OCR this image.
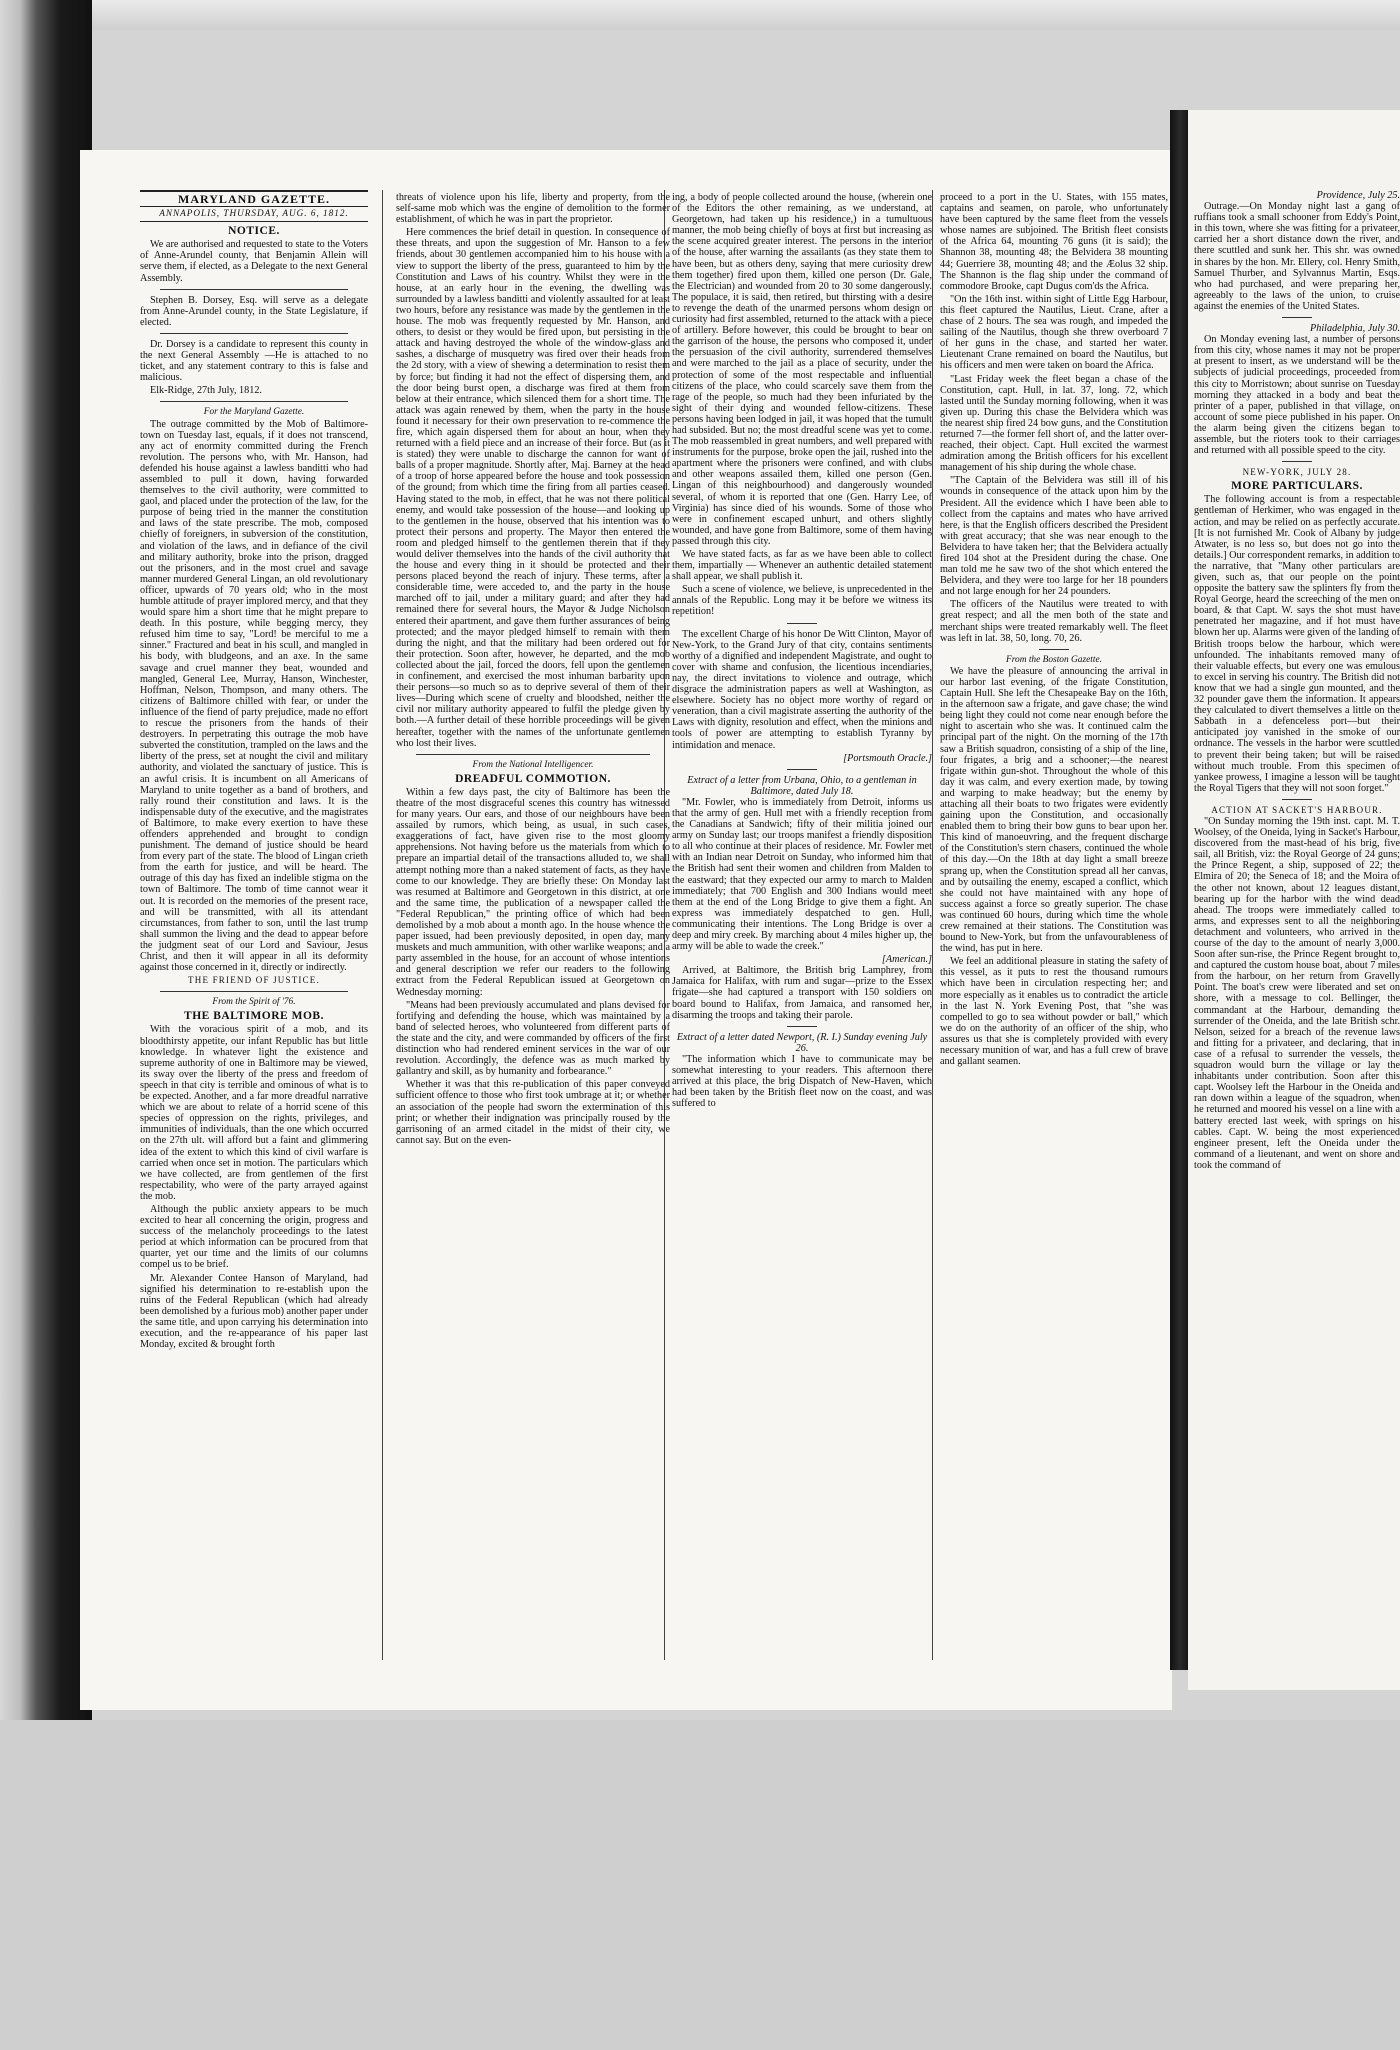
MARYLAND GAZETTE.
ANNAPOLIS, THURSDAY, AUG. 6, 1812.
NOTICE.

We are authorised and requested to state to the Voters of Anne-Arundel county, that Benjamin Allein will serve them, if elected, as a Delegate to the next General Assembly.

Stephen B. Dorsey, Esq. will serve as a delegate from Anne-Arundel county, in the State Legislature, if elected.

Dr. Dorsey is a candidate to represent this county in the next General Assembly —He is attached to no ticket, and any statement contrary to this is false and malicious.

Elk-Ridge, 27th July, 1812.

For the Maryland Gazette.

The outrage committed by the Mob of Baltimore-town on Tuesday last, equals, if it does not transcend, any act of enormity committed during the French revolution. The persons who, with Mr. Hanson, had defended his house against a lawless banditti who had assembled to pull it down, having forwarded themselves to the civil authority, were committed to gaol, and placed under the protection of the law, for the purpose of being tried in the manner the constitution and laws of the state prescribe. The mob, composed chiefly of foreigners, in subversion of the constitution, and violation of the laws, and in defiance of the civil and military authority, broke into the prison, dragged out the prisoners, and in the most cruel and savage manner murdered General Lingan, an old revolutionary officer, upwards of 70 years old; who in the most humble attitude of prayer implored mercy, and that they would spare him a short time that he might prepare to death. In this posture, while begging mercy, they refused him time to say, "Lord! be merciful to me a sinner." Fractured and beat in his scull, and mangled in his body, with bludgeons, and an axe. In the same savage and cruel manner they beat, wounded and mangled, General Lee, Murray, Hanson, Winchester, Hoffman, Nelson, Thompson, and many others. The citizens of Baltimore chilled with fear, or under the influence of the fiend of party prejudice, made no effort to rescue the prisoners from the hands of their destroyers. In perpetrating this outrage the mob have subverted the constitution, trampled on the laws and the liberty of the press, set at nought the civil and military authority, and violated the sanctuary of justice. This is an awful crisis. It is incumbent on all Americans of Maryland to unite together as a band of brothers, and rally round their constitution and laws. It is the indispensable duty of the executive, and the magistrates of Baltimore, to make every exertion to have these offenders apprehended and brought to condign punishment. The demand of justice should be heard from every part of the state. The blood of Lingan crieth from the earth for justice, and will be heard. The outrage of this day has fixed an indelible stigma on the town of Baltimore. The tomb of time cannot wear it out. It is recorded on the memories of the present race, and will be transmitted, with all its attendant circumstances, from father to son, until the last trump shall summon the living and the dead to appear before the judgment seat of our Lord and Saviour, Jesus Christ, and then it will appear in all its deformity against those concerned in it, directly or indirectly.

THE FRIEND OF JUSTICE.
From the Spirit of '76.
THE BALTIMORE MOB.

With the voracious spirit of a mob, and its bloodthirsty appetite, our infant Republic has but little knowledge. In whatever light the existence and supreme authority of one in Baltimore may be viewed, its sway over the liberty of the press and freedom of speech in that city is terrible and ominous of what is to be expected. Another, and a far more dreadful narrative which we are about to relate of a horrid scene of this species of oppression on the rights, privileges, and immunities of individuals, than the one which occurred on the 27th ult. will afford but a faint and glimmering idea of the extent to which this kind of civil warfare is carried when once set in motion. The particulars which we have collected, are from gentlemen of the first respectability, who were of the party arrayed against the mob.

Although the public anxiety appears to be much excited to hear all concerning the origin, progress and success of the melancholy proceedings to the latest period at which information can be procured from that quarter, yet our time and the limits of our columns compel us to be brief.

Mr. Alexander Contee Hanson of Maryland, had signified his determination to re-establish upon the ruins of the Federal Republican (which had already been demolished by a furious mob) another paper under the same title, and upon carrying his determination into execution, and the re-appearance of his paper last Monday, excited & brought forth

threats of violence upon his life, liberty and property, from the self-same mob which was the engine of demolition to the former establishment, of which he was in part the proprietor.

Here commences the brief detail in question. In consequence of these threats, and upon the suggestion of Mr. Hanson to a few friends, about 30 gentlemen accompanied him to his house with a view to support the liberty of the press, guaranteed to him by the Constitution and Laws of his country. Whilst they were in the house, at an early hour in the evening, the dwelling was surrounded by a lawless banditti and violently assaulted for at least two hours, before any resistance was made by the gentlemen in the house. The mob was frequently requested by Mr. Hanson, and others, to desist or they would be fired upon, but persisting in the attack and having destroyed the whole of the window-glass and sashes, a discharge of musquetry was fired over their heads from the 2d story, with a view of shewing a determination to resist them by force; but finding it had not the effect of dispersing them, and the door being burst open, a discharge was fired at them from below at their entrance, which silenced them for a short time. The attack was again renewed by them, when the party in the house found it necessary for their own preservation to re-commence the fire, which again dispersed them for about an hour, when they returned with a field piece and an increase of their force. But (as it is stated) they were unable to discharge the cannon for want of balls of a proper magnitude. Shortly after, Maj. Barney at the head of a troop of horse appeared before the house and took possession of the ground; from which time the firing from all parties ceased. Having stated to the mob, in effect, that he was not there political enemy, and would take possession of the house—and looking up to the gentlemen in the house, observed that his intention was to protect their persons and property. The Mayor then entered the room and pledged himself to the gentlemen therein that if they would deliver themselves into the hands of the civil authority that the house and every thing in it should be protected and their persons placed beyond the reach of injury. These terms, after a considerable time, were acceded to, and the party in the house marched off to jail, under a military guard; and after they had remained there for several hours, the Mayor & Judge Nicholson entered their apartment, and gave them further assurances of being protected; and the mayor pledged himself to remain with them during the night, and that the military had been ordered out for their protection. Soon after, however, he departed, and the mob collected about the jail, forced the doors, fell upon the gentlemen in confinement, and exercised the most inhuman barbarity upon their persons—so much so as to deprive several of them of their lives—During which scene of cruelty and bloodshed, neither the civil nor military authority appeared to fulfil the pledge given by both.—A further detail of these horrible proceedings will be given hereafter, together with the names of the unfortunate gentlemen who lost their lives.

From the National Intelligencer.
DREADFUL COMMOTION.

Within a few days past, the city of Baltimore has been the theatre of the most disgraceful scenes this country has witnessed for many years. Our ears, and those of our neighbours have been assailed by rumors, which being, as usual, in such cases, exaggerations of fact, have given rise to the most gloomy apprehensions. Not having before us the materials from which to prepare an impartial detail of the transactions alluded to, we shall attempt nothing more than a naked statement of facts, as they have come to our knowledge. They are briefly these: On Monday last was resumed at Baltimore and Georgetown in this district, at one and the same time, the publication of a newspaper called the "Federal Republican," the printing office of which had been demolished by a mob about a month ago. In the house whence the paper issued, had been previously deposited, in open day, many muskets and much ammunition, with other warlike weapons; and a party assembled in the house, for an account of whose intentions and general description we refer our readers to the following extract from the Federal Republican issued at Georgetown on Wednesday morning:

"Means had been previously accumulated and plans devised for fortifying and defending the house, which was maintained by a band of selected heroes, who volunteered from different parts of the state and the city, and were commanded by officers of the first distinction who had rendered eminent services in the war of our revolution. Accordingly, the defence was as much marked by gallantry and skill, as by humanity and forbearance."

Whether it was that this re-publication of this paper conveyed sufficient offence to those who first took umbrage at it; or whether an association of the people had sworn the extermination of this print; or whether their indignation was principally roused by the garrisoning of an armed citadel in the midst of their city, we cannot say. But on the even-

ing, a body of people collected around the house, (wherein one of the Editors the other remaining, as we understand, at Georgetown, had taken up his residence,) in a tumultuous manner, the mob being chiefly of boys at first but increasing as the scene acquired greater interest. The persons in the interior of the house, after warning the assailants (as they state them to have been, but as others deny, saying that mere curiosity drew them together) fired upon them, killed one person (Dr. Gale, the Electrician) and wounded from 20 to 30 some dangerously. The populace, it is said, then retired, but thirsting with a desire to revenge the death of the unarmed persons whom design or curiosity had first assembled, returned to the attack with a piece of artillery. Before however, this could be brought to bear on the garrison of the house, the persons who composed it, under the persuasion of the civil authority, surrendered themselves and were marched to the jail as a place of security, under the protection of some of the most respectable and influential citizens of the place, who could scarcely save them from the rage of the people, so much had they been infuriated by the sight of their dying and wounded fellow-citizens. These persons having been lodged in jail, it was hoped that the tumult had subsided. But no; the most dreadful scene was yet to come. The mob reassembled in great numbers, and well prepared with instruments for the purpose, broke open the jail, rushed into the apartment where the prisoners were confined, and with clubs and other weapons assailed them, killed one person (Gen. Lingan of this neighbourhood) and dangerously wounded several, of whom it is reported that one (Gen. Harry Lee, of Virginia) has since died of his wounds. Some of those who were in confinement escaped unhurt, and others slightly wounded, and have gone from Baltimore, some of them having passed through this city.

We have stated facts, as far as we have been able to collect them, impartially — Whenever an authentic detailed statement shall appear, we shall publish it.

Such a scene of violence, we believe, is unprecedented in the annals of the Republic. Long may it be before we witness its repetition!

The excellent Charge of his honor De Witt Clinton, Mayor of New-York, to the Grand Jury of that city, contains sentiments worthy of a dignified and independent Magistrate, and ought to cover with shame and confusion, the licentious incendiaries, nay, the direct invitations to violence and outrage, which disgrace the administration papers as well at Washington, as elsewhere. Society has no object more worthy of regard or veneration, than a civil magistrate asserting the authority of the Laws with dignity, resolution and effect, when the minions and tools of power are attempting to establish Tyranny by intimidation and menace.

[Portsmouth Oracle.]
Extract of a letter from Urbana, Ohio, to a gentleman in Baltimore, dated July 18.

"Mr. Fowler, who is immediately from Detroit, informs us that the army of gen. Hull met with a friendly reception from the Canadians at Sandwich; fifty of their militia joined our army on Sunday last; our troops manifest a friendly disposition to all who continue at their places of residence. Mr. Fowler met with an Indian near Detroit on Sunday, who informed him that the British had sent their women and children from Malden to the eastward; that they expected our army to march to Malden immediately; that 700 English and 300 Indians would meet them at the end of the Long Bridge to give them a fight. An express was immediately despatched to gen. Hull, communicating their intentions. The Long Bridge is over a deep and miry creek. By marching about 4 miles higher up, the army will be able to wade the creek."

[American.]

Arrived, at Baltimore, the British brig Lamphrey, from Jamaica for Halifax, with rum and sugar—prize to the Essex frigate—she had captured a transport with 150 soldiers on board bound to Halifax, from Jamaica, and ransomed her, disarming the troops and taking their parole.

Extract of a letter dated Newport, (R. I.) Sunday evening July 26.

"The information which I have to communicate may be somewhat interesting to your readers. This afternoon there arrived at this place, the brig Dispatch of New-Haven, which had been taken by the British fleet now on the coast, and was suffered to

proceed to a port in the U. States, with 155 mates, captains and seamen, on parole, who unfortunately have been captured by the same fleet from the vessels whose names are subjoined. The British fleet consists of the Africa 64, mounting 76 guns (it is said); the Shannon 38, mounting 48; the Belvidera 38 mounting 44; Guerriere 38, mounting 48; and the Æolus 32 ship. The Shannon is the flag ship under the command of commodore Brooke, capt Dugus com'ds the Africa.

"On the 16th inst. within sight of Little Egg Harbour, this fleet captured the Nautilus, Lieut. Crane, after a chase of 2 hours. The sea was rough, and impeded the sailing of the Nautilus, though she threw overboard 7 of her guns in the chase, and started her water. Lieutenant Crane remained on board the Nautilus, but his officers and men were taken on board the Africa.

"Last Friday week the fleet began a chase of the Constitution, capt. Hull, in lat. 37, long. 72, which lasted until the Sunday morning following, when it was given up. During this chase the Belvidera which was the nearest ship fired 24 bow guns, and the Constitution returned 7—the former fell short of, and the latter over-reached, their object. Capt. Hull excited the warmest admiration among the British officers for his excellent management of his ship during the whole chase.

"The Captain of the Belvidera was still ill of his wounds in consequence of the attack upon him by the President. All the evidence which I have been able to collect from the captains and mates who have arrived here, is that the English officers described the President with great accuracy; that she was near enough to the Belvidera to have taken her; that the Belvidera actually fired 104 shot at the President during the chase. One man told me he saw two of the shot which entered the Belvidera, and they were too large for her 18 pounders and not large enough for her 24 pounders.

The officers of the Nautilus were treated to with great respect; and all the men both of the state and merchant ships were treated remarkably well. The fleet was left in lat. 38, 50, long. 70, 26.

From the Boston Gazette.

We have the pleasure of announcing the arrival in our harbor last evening, of the frigate Constitution, Captain Hull. She left the Chesapeake Bay on the 16th, in the afternoon saw a frigate, and gave chase; the wind being light they could not come near enough before the night to ascertain who she was. It continued calm the principal part of the night. On the morning of the 17th saw a British squadron, consisting of a ship of the line, four frigates, a brig and a schooner;—the nearest frigate within gun-shot. Throughout the whole of this day it was calm, and every exertion made, by towing and warping to make headway; but the enemy by attaching all their boats to two frigates were evidently gaining upon the Constitution, and occasionally enabled them to bring their bow guns to bear upon her. This kind of manoeuvring, and the frequent discharge of the Constitution's stern chasers, continued the whole of this day.—On the 18th at day light a small breeze sprang up, when the Constitution spread all her canvas, and by outsailing the enemy, escaped a conflict, which she could not have maintained with any hope of success against a force so greatly superior. The chase was continued 60 hours, during which time the whole crew remained at their stations. The Constitution was bound to New-York, but from the unfavourableness of the wind, has put in here.

We feel an additional pleasure in stating the safety of this vessel, as it puts to rest the thousand rumours which have been in circulation respecting her; and more especially as it enables us to contradict the article in the last N. York Evening Post, that "she was compelled to go to sea without powder or ball," which we do on the authority of an officer of the ship, who assures us that she is completely provided with every necessary munition of war, and has a full crew of brave and gallant seamen.

Providence, July 25.

Outrage.—On Monday night last a gang of ruffians took a small schooner from Eddy's Point, in this town, where she was fitting for a privateer, carried her a short distance down the river, and there scuttled and sunk her. This shr. was owned in shares by the hon. Mr. Ellery, col. Henry Smith, Samuel Thurber, and Sylvannus Martin, Esqs. who had purchased, and were preparing her, agreeably to the laws of the union, to cruise against the enemies of the United States.

Philadelphia, July 30.

On Monday evening last, a number of persons from this city, whose names it may not be proper at present to insert, as we understand will be the subjects of judicial proceedings, proceeded from this city to Morristown; about sunrise on Tuesday morning they attacked in a body and beat the printer of a paper, published in that village, on account of some piece published in his paper. On the alarm being given the citizens began to assemble, but the rioters took to their carriages and returned with all possible speed to the city.

NEW-YORK, JULY 28.
MORE PARTICULARS.

The following account is from a respectable gentleman of Herkimer, who was engaged in the action, and may be relied on as perfectly accurate. [It is not furnished Mr. Cook of Albany by judge Atwater, is no less so, but does not go into the details.] Our correspondent remarks, in addition to the narrative, that "Many other particulars are given, such as, that our people on the point opposite the battery saw the splinters fly from the Royal George, heard the screeching of the men on board, & that Capt. W. says the shot must have penetrated her magazine, and if hot must have blown her up. Alarms were given of the landing of British troops below the harbour, which were unfounded. The inhabitants removed many of their valuable effects, but every one was emulous to excel in serving his country. The British did not know that we had a single gun mounted, and the 32 pounder gave them the information. It appears they calculated to divert themselves a little on the Sabbath in a defenceless port—but their anticipated joy vanished in the smoke of our ordnance. The vessels in the harbor were scuttled to prevent their being taken; but will be raised without much trouble. From this specimen of yankee prowess, I imagine a lesson will be taught the Royal Tigers that they will not soon forget."

ACTION AT SACKET'S HARBOUR.

"On Sunday morning the 19th inst. capt. M. T. Woolsey, of the Oneida, lying in Sacket's Harbour, discovered from the mast-head of his brig, five sail, all British, viz: the Royal George of 24 guns; the Prince Regent, a ship, supposed of 22; the Elmira of 20; the Seneca of 18; and the Moira of the other not known, about 12 leagues distant, bearing up for the harbor with the wind dead ahead. The troops were immediately called to arms, and expresses sent to all the neighboring detachment and volunteers, who arrived in the course of the day to the amount of nearly 3,000. Soon after sun-rise, the Prince Regent brought to, and captured the custom house boat, about 7 miles from the harbour, on her return from Gravelly Point. The boat's crew were liberated and set on shore, with a message to col. Bellinger, the commandant at the Harbour, demanding the surrender of the Oneida, and the late British schr. Nelson, seized for a breach of the revenue laws and fitting for a privateer, and declaring, that in case of a refusal to surrender the vessels, the squadron would burn the village or lay the inhabitants under contribution. Soon after this capt. Woolsey left the Harbour in the Oneida and ran down within a league of the squadron, when he returned and moored his vessel on a line with a battery erected last week, with springs on his cables. Capt. W. being the most experienced engineer present, left the Oneida under the command of a lieutenant, and went on shore and took the command of
